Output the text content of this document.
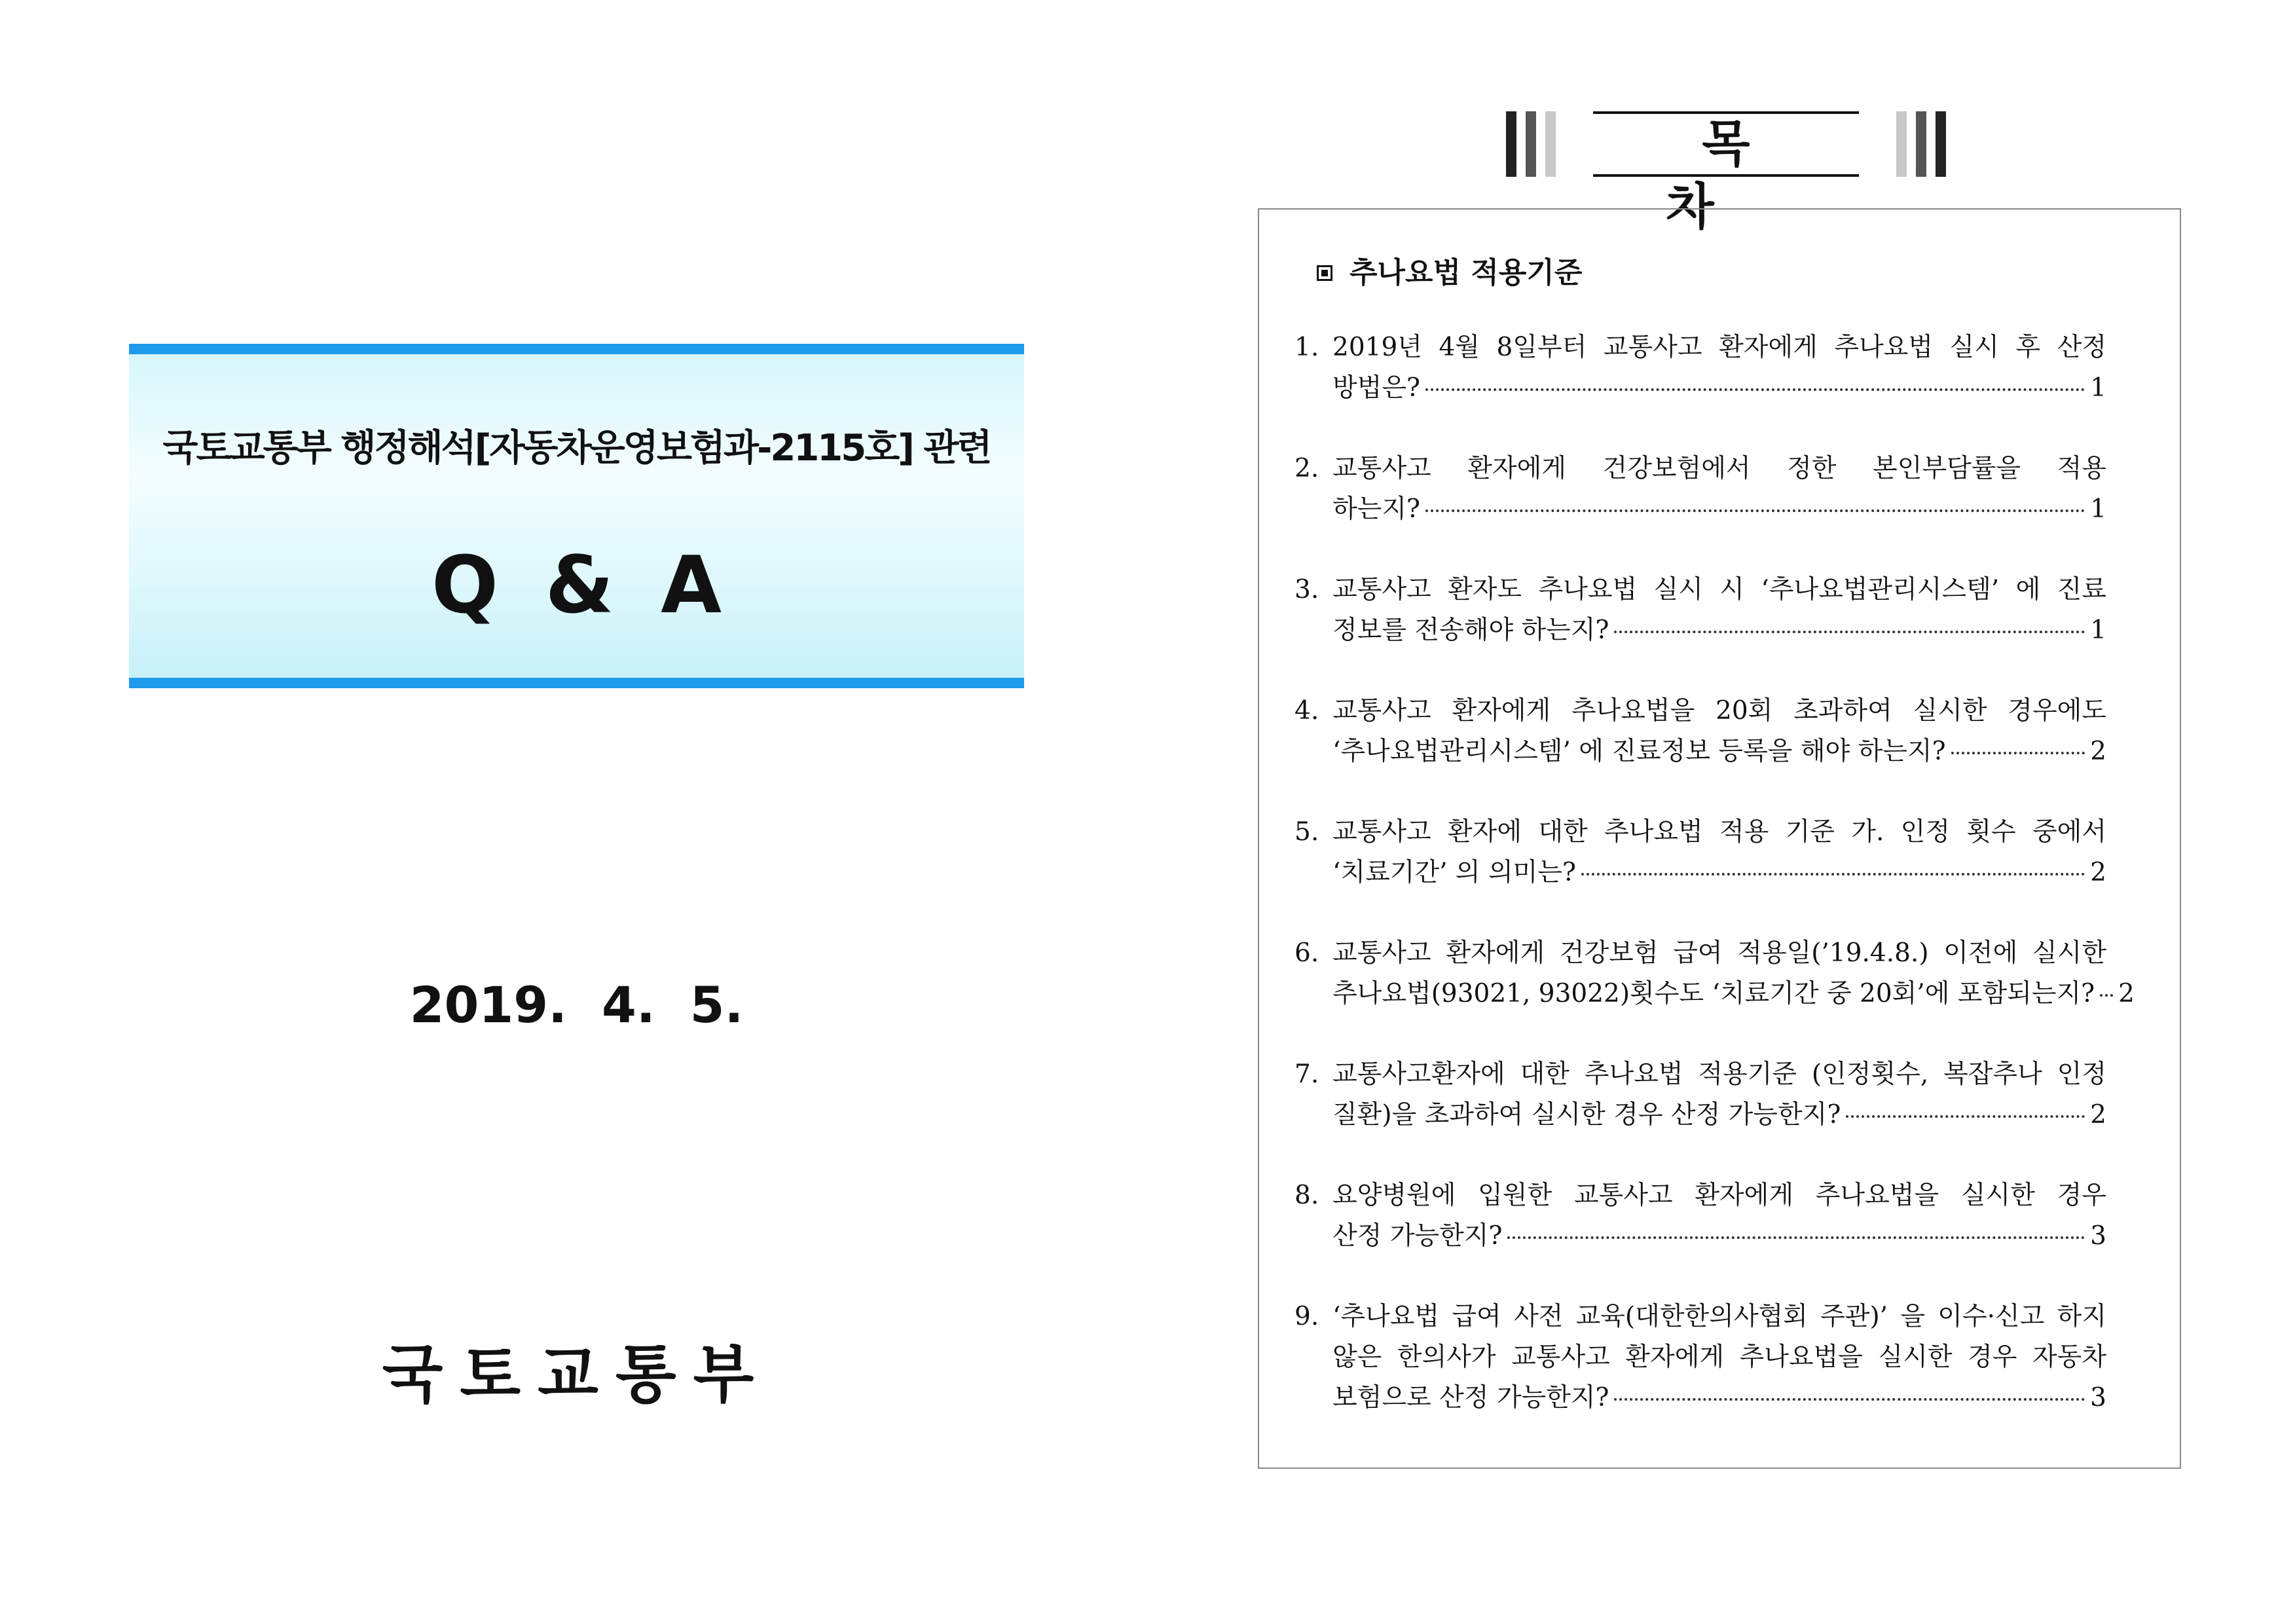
국토교통부 행정해석[자동차운영보험과-2115호] 관련
Q & A
2019.  4.  5.
국토교통부
목 차
추나요법 적용기준
1. 2019년 4월 8일부터 교통사고 환자에게 추나요법 실시 후 산정
방법은?	1
2. 교통사고 환자에게 건강보험에서 정한 본인부담률을 적용
하는지?	1
3. 교통사고 환자도 추나요법 실시 시 ‘추나요법관리시스템’ 에 진료
정보를 전송해야 하는지?	1
4. 교통사고 환자에게 추나요법을 20회 초과하여 실시한 경우에도
‘추나요법관리시스템’ 에 진료정보 등록을 해야 하는지?	2
5. 교통사고 환자에 대한 추나요법 적용 기준 가. 인정 횟수 중에서
‘치료기간’ 의 의미는?	2
6. 교통사고 환자에게 건강보험 급여 적용일(’19.4.8.) 이전에 실시한
추나요법(93021, 93022)횟수도 ‘치료기간 중 20회’에 포함되는지? 2
7. 교통사고환자에 대한 추나요법 적용기준 (인정횟수, 복잡추나 인정
질환)을 초과하여 실시한 경우 산정 가능한지?	2
8. 요양병원에 입원한 교통사고 환자에게 추나요법을 실시한 경우
산정 가능한지?	3
9. ‘추나요법 급여 사전 교육(대한한의사협회 주관)’ 을 이수·신고 하지
않은 한의사가 교통사고 환자에게 추나요법을 실시한 경우 자동차
보험으로 산정 가능한지?	3
